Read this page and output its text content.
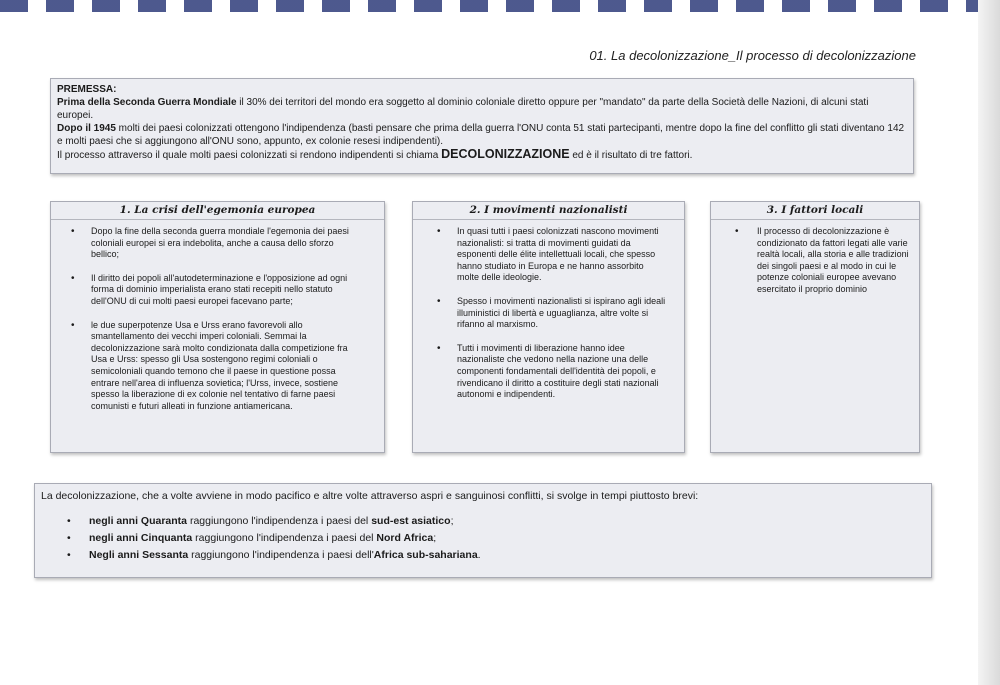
01. La decolonizzazione_Il processo di decolonizzazione

PREMESSA:

Prima della Seconda Guerra Mondiale il 30% dei territori del mondo era soggetto al dominio coloniale diretto oppure per "mandato" da parte della Società delle Nazioni, di alcuni stati europei.

Dopo il 1945 molti dei paesi colonizzati ottengono l'indipendenza (basti pensare che prima della guerra l'ONU conta 51 stati partecipanti, mentre dopo la fine del conflitto gli stati diventano 142 e molti paesi che si aggiungono all'ONU sono, appunto, ex colonie resesi indipendenti).

Il processo attraverso il quale molti paesi colonizzati si rendono indipendenti si chiama DECOLONIZZAZIONE ed è il risultato di tre fattori.

1. La crisi dell'egemonia europea
• Dopo la fine della seconda guerra mondiale l'egemonia dei paesi coloniali europei si era indebolita, anche a causa dello sforzo bellico;
• Il diritto dei popoli all'autodeterminazione e l'opposizione ad ogni forma di dominio imperialista erano stati recepiti nello statuto dell'ONU di cui molti paesi europei facevano parte;
• le due superpotenze Usa e Urss erano favorevoli allo smantellamento dei vecchi imperi coloniali. Semmai la decolonizzazione sarà molto condizionata dalla competizione fra Usa e Urss: spesso gli Usa sostengono regimi coloniali o semicoloniali quando temono che il paese in questione possa entrare nell'area di influenza sovietica; l'Urss, invece, sostiene spesso la liberazione di ex colonie nel tentativo di farne paesi comunisti e futuri alleati in funzione antiamericana.
2. I movimenti nazionalisti
• In quasi tutti i paesi colonizzati nascono movimenti nazionalisti: si tratta di movimenti guidati da esponenti delle élite intellettuali locali, che spesso hanno studiato in Europa e ne hanno assorbito molte delle ideologie.
• Spesso i movimenti nazionalisti si ispirano agli ideali illuministici di libertà e uguaglianza, altre volte si rifanno al marxismo.
• Tutti i movimenti di liberazione hanno idee nazionaliste che vedono nella nazione una delle componenti fondamentali dell'identità dei popoli, e rivendicano il diritto a costituire degli stati nazionali autonomi e indipendenti.
3. I fattori locali
• Il processo di decolonizzazione è condizionato da fattori legati alle varie realtà locali, alla storia e alle tradizioni dei singoli paesi e al modo in cui le potenze coloniali europee avevano esercitato il proprio dominio

La decolonizzazione, che a volte avviene in modo pacifico e altre volte attraverso aspri e sanguinosi conflitti, si svolge in tempi piuttosto brevi:

• negli anni Quaranta raggiungono l'indipendenza i paesi del sud-est asiatico;
• negli anni Cinquanta raggiungono l'indipendenza i paesi del Nord Africa;
• Negli anni Sessanta raggiungono l'indipendenza i paesi dell'Africa sub-sahariana.
